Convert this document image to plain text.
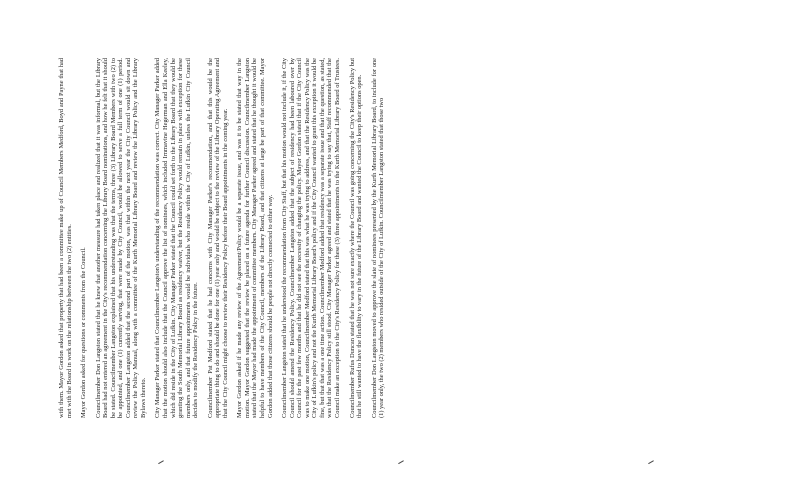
with them. Mayor Gordon asked that property that had been a committee make up of Council Members Medford, Boyd and Payne that had met with the Board in work on the relationship between the two (2) entities. Mayor Gordon asked for questions or comments from the Council. Councilmember Don Langston stated that he knew that another measure had taken place and realized that it was informal, but the Library Board had not entered an agreement in the City's recommendation concerning the Library Board nominations, and how he felt that it should be stated. Councilmember Langston explained that his understanding was that the terms, three (3) Library Board Members with two (2) to be appointed, and one (1) currently serving, that were made by City Council, would be allowed to serve a full term of one (1) period. Councilmember Langston added that the second part of the motion, was that within the next year the City Council would sit down and review the Policy Manual, along with a committee of the Kurth Memorial Library Board and review the Library Policy and the Library Bylaws thereto. City Manager Parker stated that Councilmember Langston's understanding of the recommendation was correct. City Manager Parker added that the motion should also include that the Council approve the list of nominees, which included Irnmavine Hegerman and Ella Keeley, which did reside in the City of Lufkin. City Manager Parker stated that the Council could set forth to the Library Board that they would be granting the South Memorial Library Board as residency waiver, but the Residency Policy would remain in place with exception for these members only, and that future appointments would be individuals who reside within the City of Lufkin, unless the Lufkin City Council decides to modify the Residency Policy in the future. Councilmember Pat Medford stated that he had concerns with City Manager Parker's recommendation, and that this would be the appropriate thing to do and should be done for one (1) year only and would be subject to the review of the Library Operating Agreement and that the City Council might choose to review their Residency Policy before their Board appointments in the coming year. Mayor Gordon asked if he made any review of the Agreement/Policy would be a separate issue, and was it to be stated that way in the motion. Mayor Gordon suggested that the review be placed on a future agenda for further Council discussion. Councilmember Langston stated that the Mayor had made the appointment of committee members. City Manager Parker agreed and stated that he thought it would be helpful to have members of the City Council, members of the Library Board, and that citizens at large be part of that committee. Mayor Gordon added that those citizens should be people not directly connected to either way. Councilmember Langston stated that he understood the recommendation from City Staff, but that his motion would not include it, if the City Council should amend the Residency Policy. Councilmember Langston added that the subject of residency had been laboured over by Council for the past few months and that he did not see the necessity of changing the policy. Mayor Gordon stated that if the City Council was to make one motion, Councilmember Medford stated that this was what he was trying to address, and that the Residency Policy was the City of Lufkin's policy and not the Kurth Memorial Library Board's policy and if the City Council wanted to grant this exception it would be fine, but that that was a one time action. Councilmember Medford added that residency was a separate issue and that the question, as stated, was that the Residency Policy still stood. City Manager Parker agreed and stated that he was trying to say that, Staff recommended that the Council make an exception to the City's Residency Policy for these (3) three appointments to the Kurth Memorial Library Board of Trustees. Councilmember Rufus Duncan stated that he was not sure exactly where the Council was going concerning the City's Residency Policy but that he still wanted to have the flexibility to vary in the future of the Library Board and wanted the Council to keep their options open. Councilmember Don Langston moved to approve the slate of nominees presented by the Kurth Memorial Library Board, to include for one (1) year only, the two (2) members who resided outside of the City of Lufkin. Councilmember Langston stated that those two
